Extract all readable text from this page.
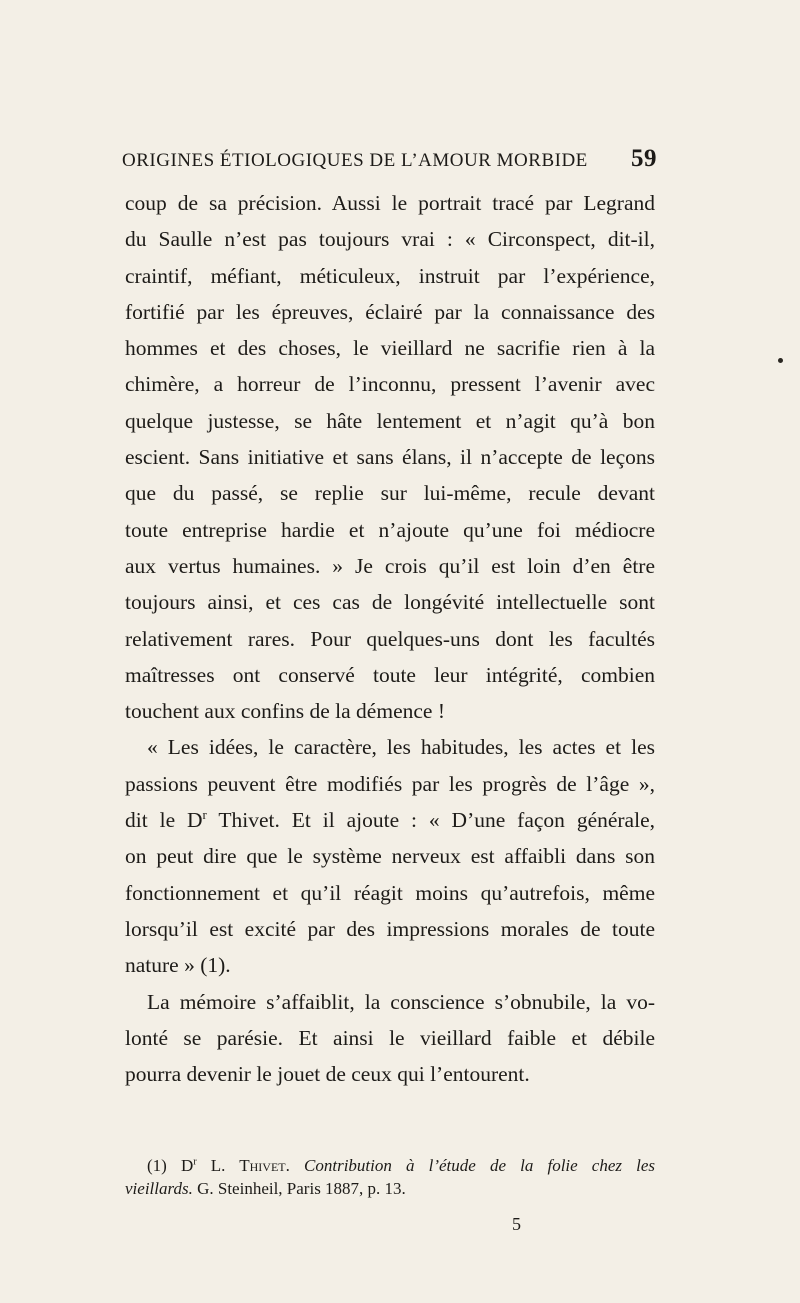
ORIGINES ÉTIOLOGIQUES DE L’AMOUR MORBIDE 59
coup de sa précision. Aussi le portrait tracé par Legrand
du Saulle n’est pas toujours vrai : « Circonspect, dit-il,
craintif, méfiant, méticuleux, instruit par l’expérience,
fortifié par les épreuves, éclairé par la connaissance des
hommes et des choses, le vieillard ne sacrifie rien à la
chimère, a horreur de l’inconnu, pressent l’avenir avec
quelque justesse, se hâte lentement et n’agit qu’à bon
escient. Sans initiative et sans élans, il n’accepte de leçons
que du passé, se replie sur lui-même, recule devant
toute entreprise hardie et n’ajoute qu’une foi médiocre
aux vertus humaines. » Je crois qu’il est loin d’en être
toujours ainsi, et ces cas de longévité intellectuelle sont
relativement rares. Pour quelques-uns dont les facultés
maîtresses ont conservé toute leur intégrité, combien
touchent aux confins de la démence !
« Les idées, le caractère, les habitudes, les actes et les
passions peuvent être modifiés par les progrès de l’âge »,
dit le $D^r$ Thivet. Et il ajoute : « D’une façon générale,
on peut dire que le système nerveux est affaibli dans son
fonctionnement et qu’il réagit moins qu’autrefois, même
lorsqu’il est excité par des impressions morales de toute
nature » (1).
La mémoire s’affaiblit, la conscience s’obnubile, la vo-
lonté se parésie. Et ainsi le vieillard faible et débile
pourra devenir le jouet de ceux qui l’entourent.
(1) $D^r$ L. Thivet. Contribution à l’étude de la folie chez les
vieillards. G. Steinheil, Paris 1887, p. 13.
5
